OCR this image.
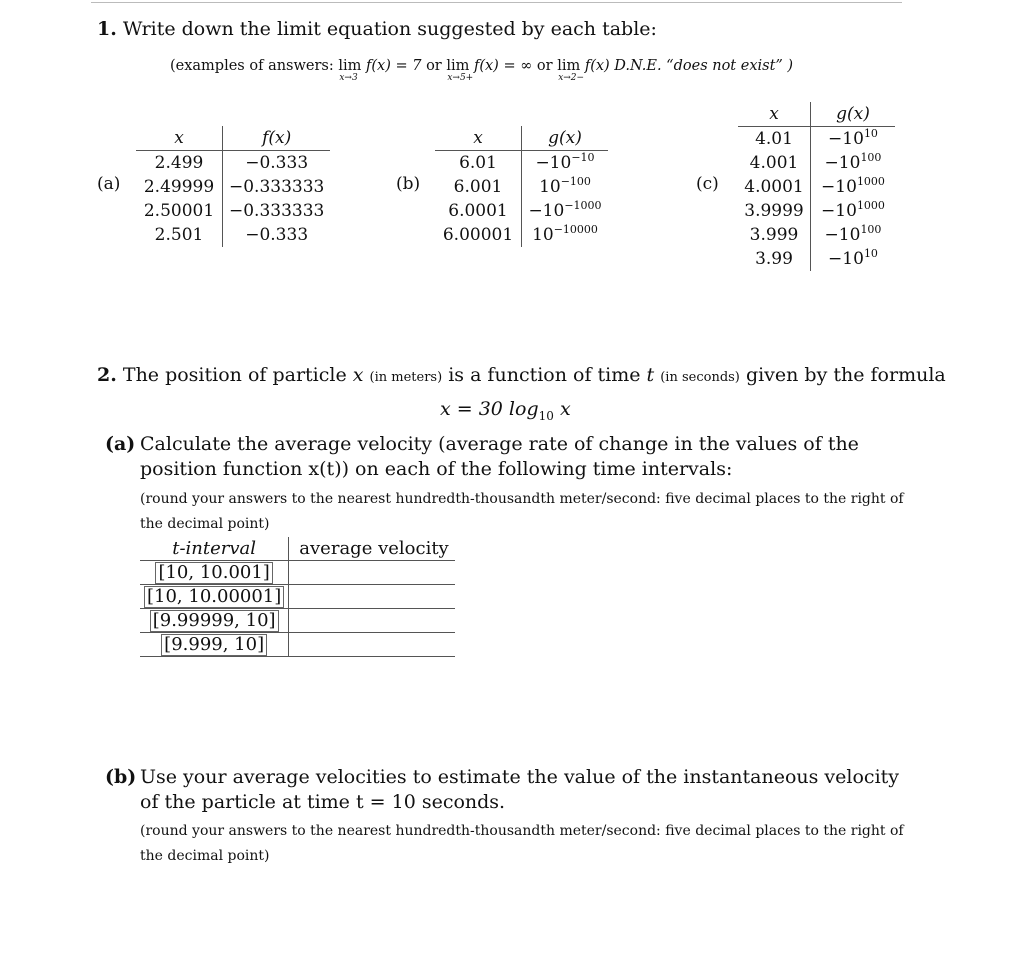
1. Write down the limit equation suggested by each table:
(examples of answers: lim
x→3
f(x) = 7 or lim
x→5+
f(x) = ∞ or lim
x→2−
f(x) D.N.E. “does not exist” )
(a)
x	f(x)
2.499	−0.333
2.49999	−0.333333
2.50001	−0.333333
2.501	−0.333
(b)
x	g(x)
6.01	$-10^{-10}$
6.001	$10^{-100}$
6.0001	$-10^{-1000}$
6.00001	$10^{-10000}$
(c)
x	g(x)
4.01	$-10^{10}$
4.001	$-10^{100}$
4.0001	$-10^{1000}$
3.9999	$-10^{1000}$
3.999	$-10^{100}$
3.99	$-10^{10}$
2. The position of particle x (in meters) is a function of time t (in seconds) given by the formula
x = 30 $\log_{10} x$
(a) Calculate the average velocity (average rate of change in the values of the position function x(t)) on each of the following time intervals:
(round your answers to the nearest hundredth-thousandth meter/second: five decimal places to the right of the decimal point)
t-interval	average velocity
[10, 10.001]	
[10, 10.00001]	
[9.99999, 10]	
[9.999, 10]	
(b) Use your average velocities to estimate the value of the instantaneous velocity of the particle at time t = 10 seconds.
(round your answers to the nearest hundredth-thousandth meter/second: five decimal places to the right of the decimal point)
